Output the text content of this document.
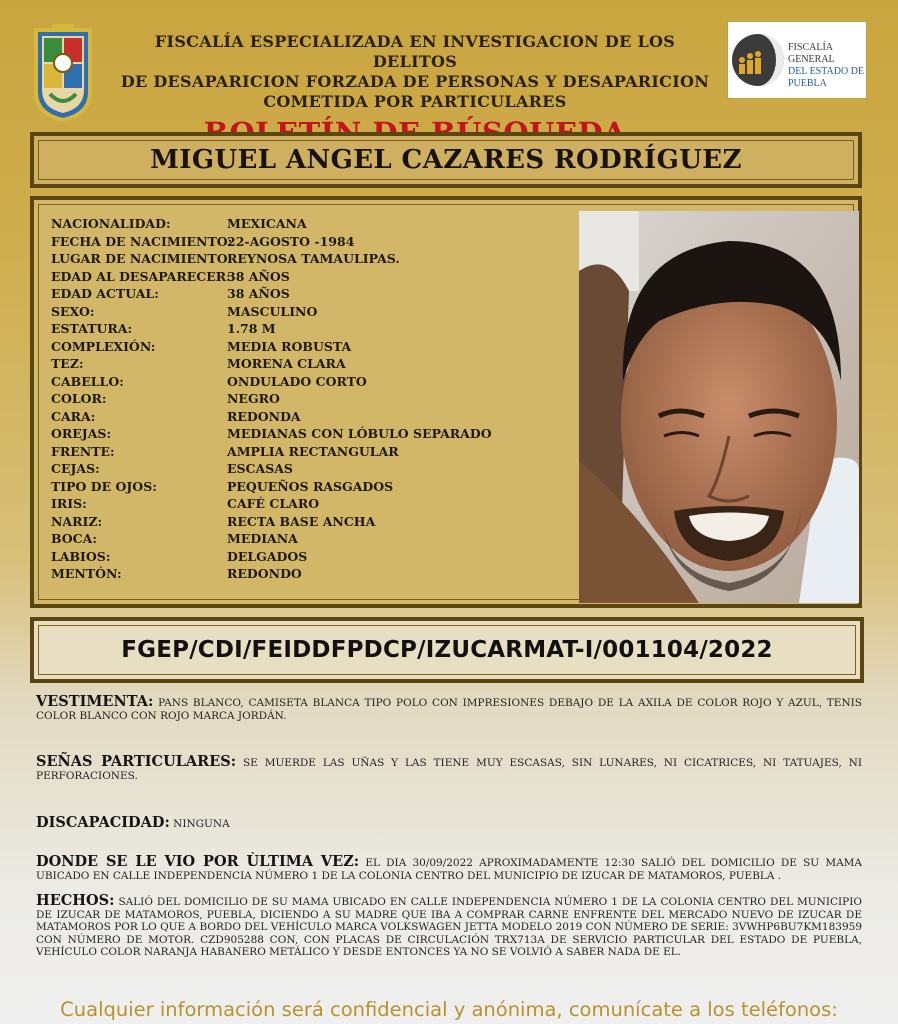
FISCALÍA GENERAL
DEL ESTADO DE
PUEBLA
FISCALÍA ESPECIALIZADA EN INVESTIGACION DE LOS DELITOS
DE DESAPARICION FORZADA DE PERSONAS Y DESAPARICION
COMETIDA POR PARTICULARES
MIGUEL ANGEL CAZARES RODRÍGUEZ
NACIONALIDAD:	MEXICANA
FECHA DE NACIMIENTO:22-AGOSTO -1984
LUGAR DE NACIMIENTO:REYNOSA TAMAULIPAS.
EDAD AL DESAPARECER:38 AÑOS
EDAD ACTUAL:	38 AÑOS
SEXO:	MASCULINO
ESTATURA:	1.78 M
COMPLEXIÓN:	MEDIA ROBUSTA
TEZ:	MORENA CLARA
CABELLO:	ONDULADO CORTO
COLOR:	NEGRO
CARA:	REDONDA
OREJAS:	MEDIANAS CON LÓBULO SEPARADO
FRENTE:	AMPLIA RECTANGULAR
CEJAS:	ESCASAS
TIPO DE OJOS:	PEQUEÑOS RASGADOS
IRIS:	CAFÉ CLARO
NARIZ:	RECTA BASE ANCHA
BOCA:	MEDIANA
LABIOS:	DELGADOS
MENTÓN:	REDONDO
FGEP/CDI/FEIDDFPDCP/IZUCARMAT-I/001104/2022
VESTIMENTA: PANS BLANCO, CAMISETA BLANCA TIPO POLO CON IMPRESIONES DEBAJO DE LA AXILA DE COLOR ROJO Y AZUL, TENIS COLOR BLANCO CON ROJO MARCA JORDÁN.
SEÑAS PARTICULARES: SE MUERDE LAS UÑAS Y LAS TIENE MUY ESCASAS, SIN LUNARES, NI CICATRICES, NI TATUAJES, NI PERFORACIONES.
DISCAPACIDAD: NINGUNA
DONDE SE LE VIO POR ÙLTIMA VEZ: EL DIA 30/09/2022 APROXIMADAMENTE 12:30 SALIÓ DEL DOMICILIO DE SU MAMA UBICADO EN CALLE INDEPENDENCIA NÚMERO 1 DE LA COLONIA CENTRO DEL MUNICIPIO DE IZUCAR DE MATAMOROS, PUEBLA .
HECHOS: SALIÓ DEL DOMICILIO DE SU MAMA UBICADO EN CALLE INDEPENDENCIA NÚMERO 1 DE LA COLONIA CENTRO DEL MUNICIPIO DE IZUCAR DE MATAMOROS, PUEBLA, DICIENDO A SU MADRE QUE IBA A COMPRAR CARNE ENFRENTE DEL MERCADO NUEVO DE IZUCAR DE MATAMOROS POR LO QUE A BORDO DEL VEHÍCULO MARCA VOLKSWAGEN JETTA MODELO 2019 CON NÚMERO DE SERIE: 3VWHP6BU7KM183959 CON NÚMERO DE MOTOR. CZD905288 CON, CON PLACAS DE CIRCULACIÓN TRX713A DE SERVICIO PARTICULAR DEL ESTADO DE PUEBLA, VEHÍCULO COLOR NARANJA HABANERO METÁLICO Y DESDE ENTONCES YA NO SE VOLVIÓ A SABER NADA DE EL.
Cualquier información será confidencial y anónima, comunícate a los teléfonos:
